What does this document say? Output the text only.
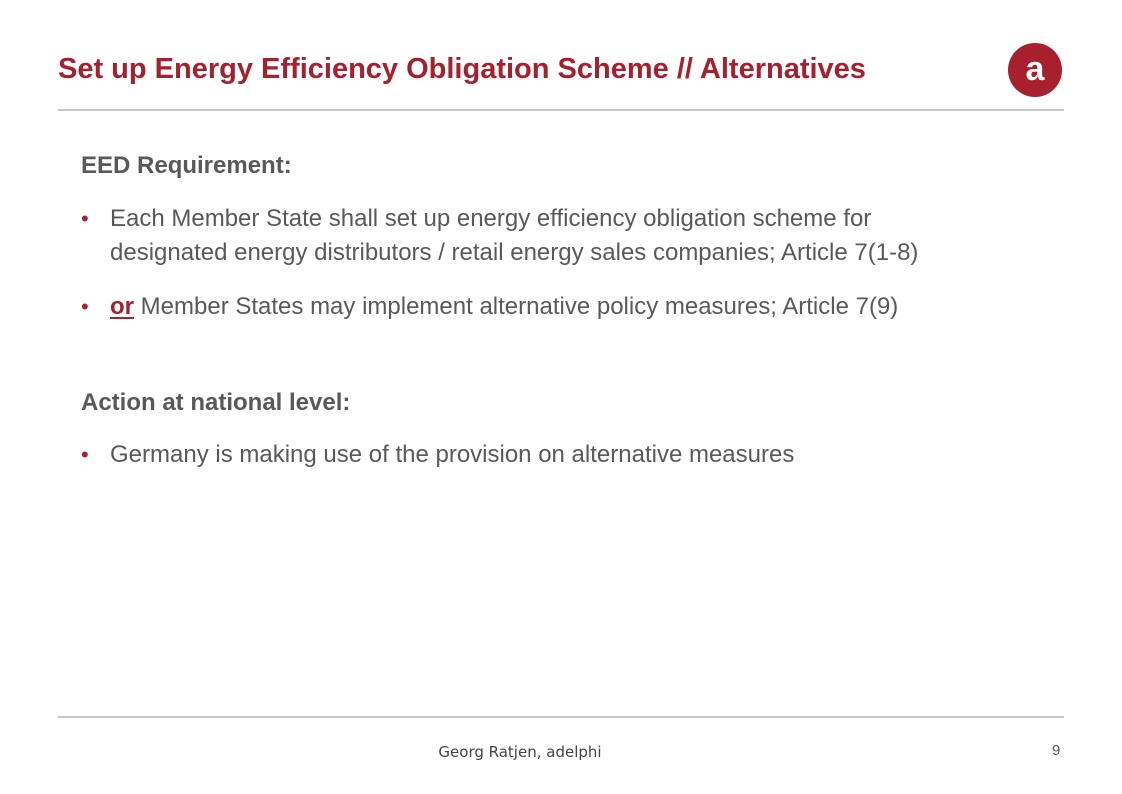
Set up Energy Efficiency Obligation Scheme // Alternatives	a

EED Requirement:

• Each Member State shall set up energy efficiency obligation scheme for
designated energy distributors / retail energy sales companies; Article 7(1-8)
• or Member States may implement alternative policy measures; Article 7(9)

Action at national level:

• Germany is making use of the provision on alternative measures
Georg Ratjen, adelphi	9
